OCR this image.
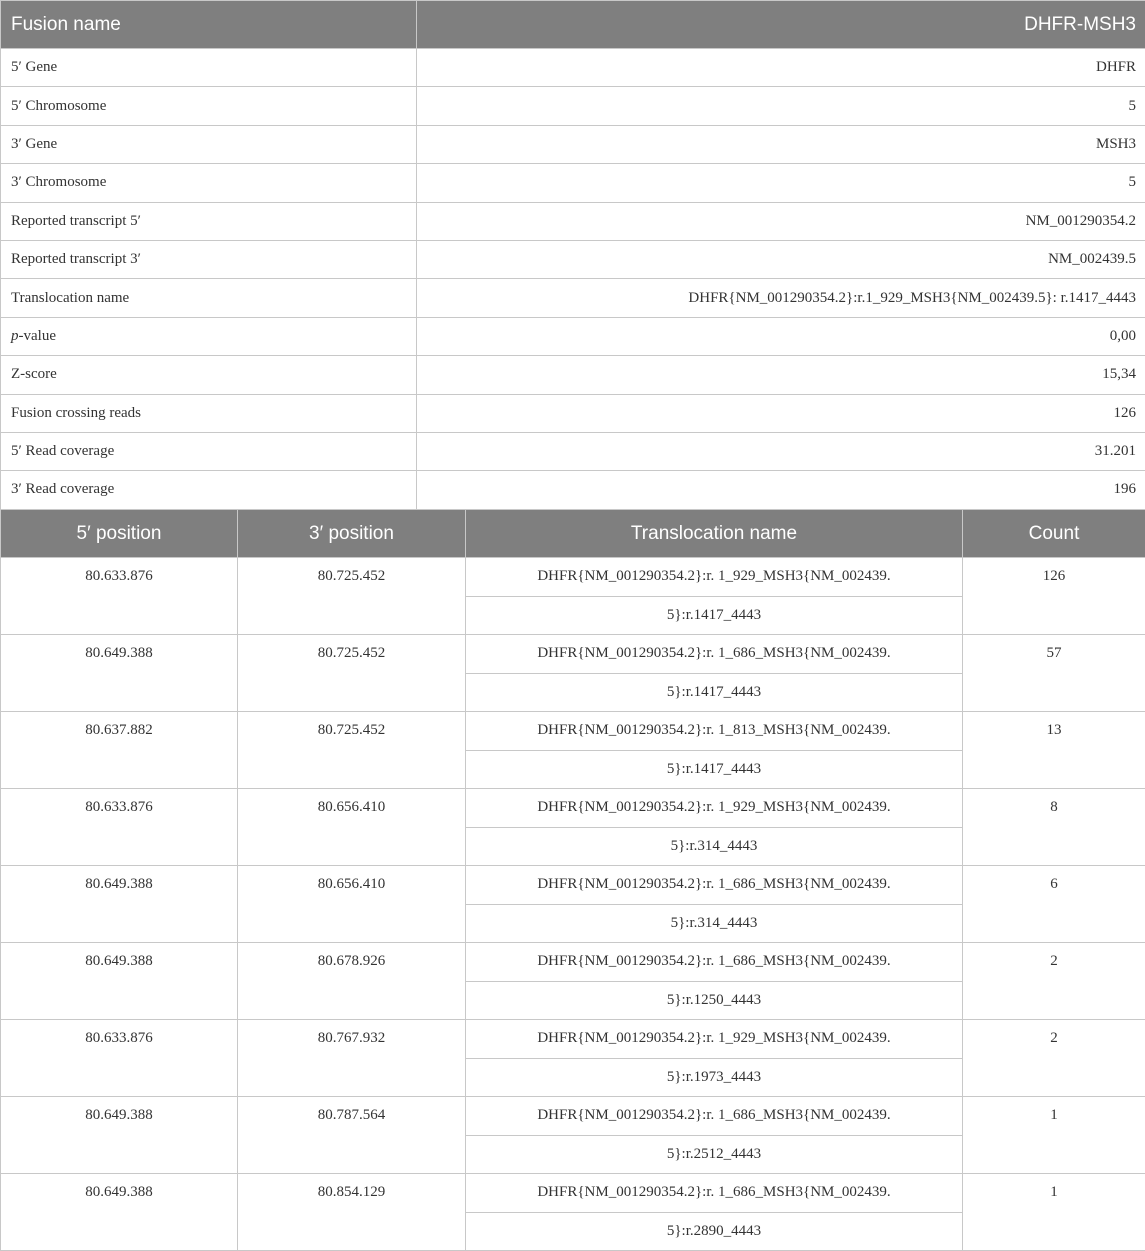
Fusion name	DHFR-MSH3
5′ Gene	DHFR
5′ Chromosome	5
3′ Gene	MSH3
3′ Chromosome	5
Reported transcript 5′	NM_001290354.2
Reported transcript 3′	NM_002439.5
Translocation name	DHFR{NM_001290354.2}:r.1_929_MSH3{NM_002439.5}: r.1417_4443
p-value	0,00
Z-score	15,34
Fusion crossing reads	126
5′ Read coverage	31.201
3′ Read coverage	196
5′ position	3′ position	Translocation name	Count
80.633.876	80.725.452	DHFR{NM_001290354.2}:r. 1_929_MSH3{NM_002439.	126
		5}:r.1417_4443	
80.649.388	80.725.452	DHFR{NM_001290354.2}:r. 1_686_MSH3{NM_002439.	57
		5}:r.1417_4443	
80.637.882	80.725.452	DHFR{NM_001290354.2}:r. 1_813_MSH3{NM_002439.	13
		5}:r.1417_4443	
80.633.876	80.656.410	DHFR{NM_001290354.2}:r. 1_929_MSH3{NM_002439.	8
		5}:r.314_4443	
80.649.388	80.656.410	DHFR{NM_001290354.2}:r. 1_686_MSH3{NM_002439.	6
		5}:r.314_4443	
80.649.388	80.678.926	DHFR{NM_001290354.2}:r. 1_686_MSH3{NM_002439.	2
		5}:r.1250_4443	
80.633.876	80.767.932	DHFR{NM_001290354.2}:r. 1_929_MSH3{NM_002439.	2
		5}:r.1973_4443	
80.649.388	80.787.564	DHFR{NM_001290354.2}:r. 1_686_MSH3{NM_002439.	1
		5}:r.2512_4443	
80.649.388	80.854.129	DHFR{NM_001290354.2}:r. 1_686_MSH3{NM_002439.	1
		5}:r.2890_4443	
